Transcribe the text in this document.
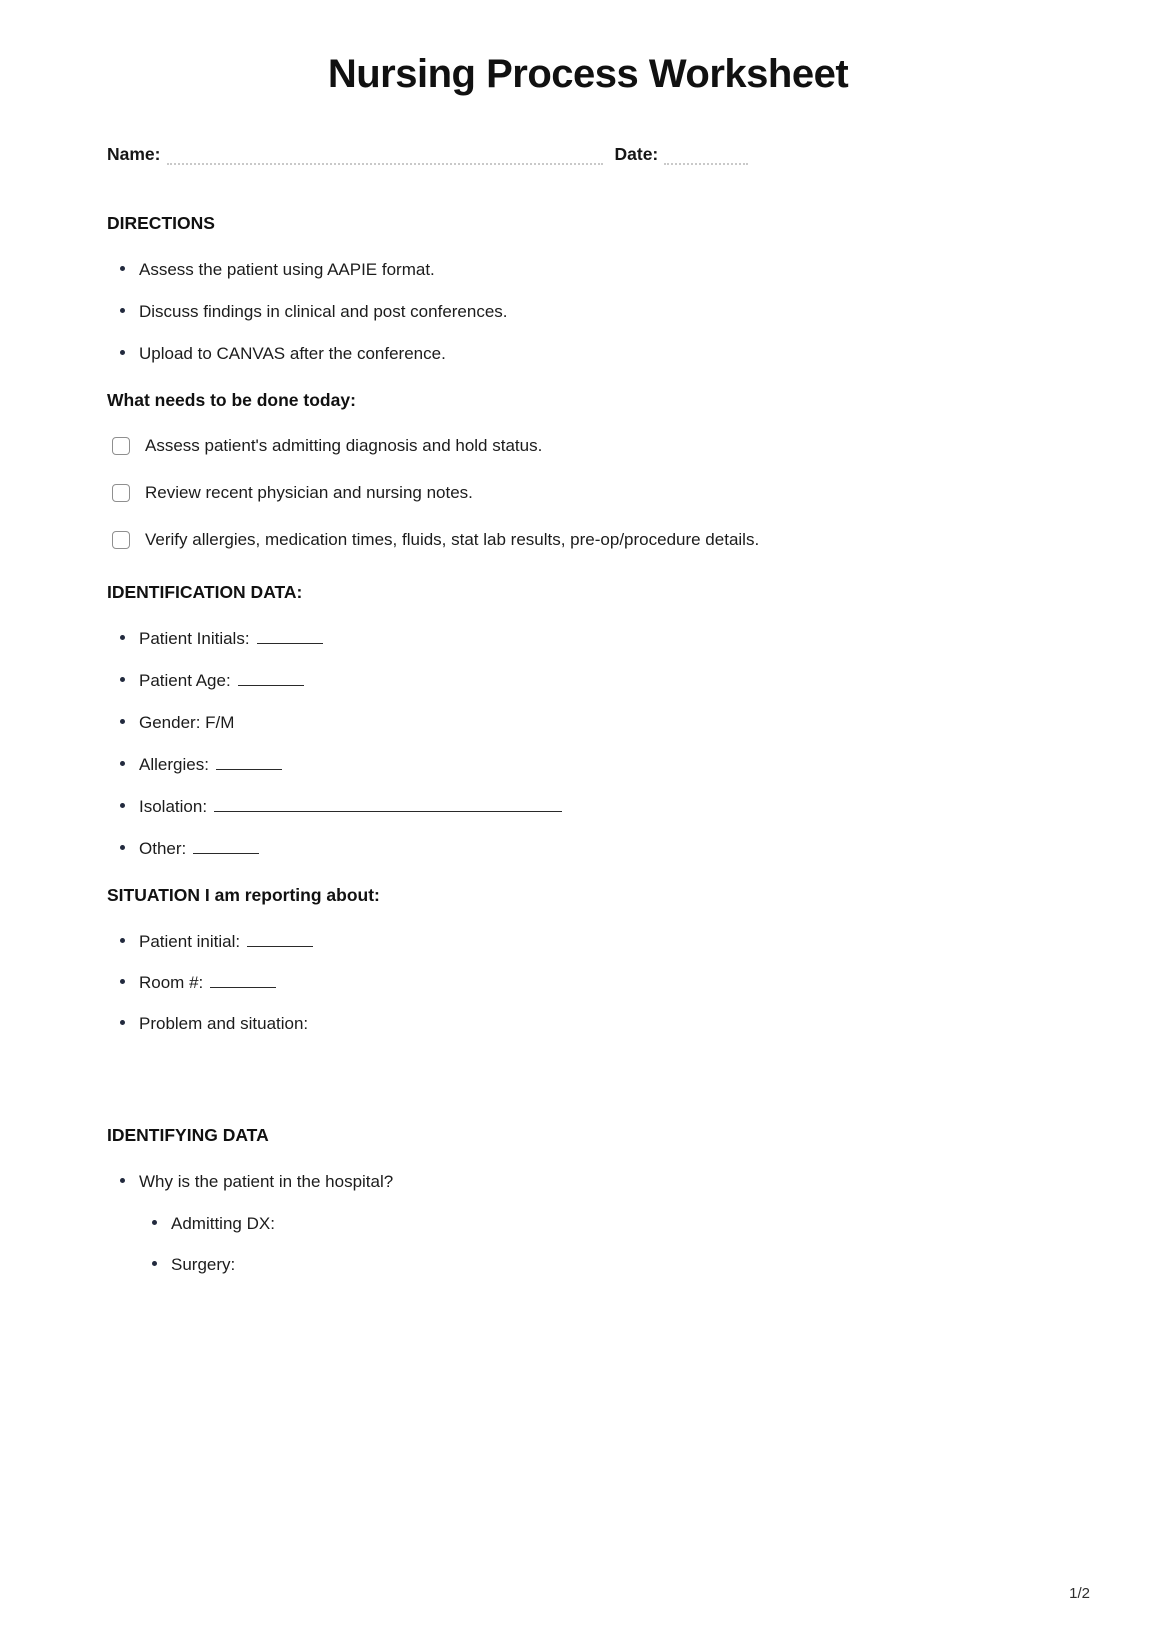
Nursing Process Worksheet
Name:	Date:
DIRECTIONS
Assess the patient using AAPIE format.
Discuss findings in clinical and post conferences.
Upload to CANVAS after the conference.
What needs to be done today:
Assess patient's admitting diagnosis and hold status.
Review recent physician and nursing notes.
Verify allergies, medication times, fluids, stat lab results, pre-op/procedure details.
IDENTIFICATION DATA:
Patient Initials:
Patient Age:
Gender: F/M
Allergies:
Isolation:
Other:
SITUATION I am reporting about:
Patient initial:
Room #:
Problem and situation:
IDENTIFYING DATA
Why is the patient in the hospital?
Admitting DX:
Surgery:
1/2
